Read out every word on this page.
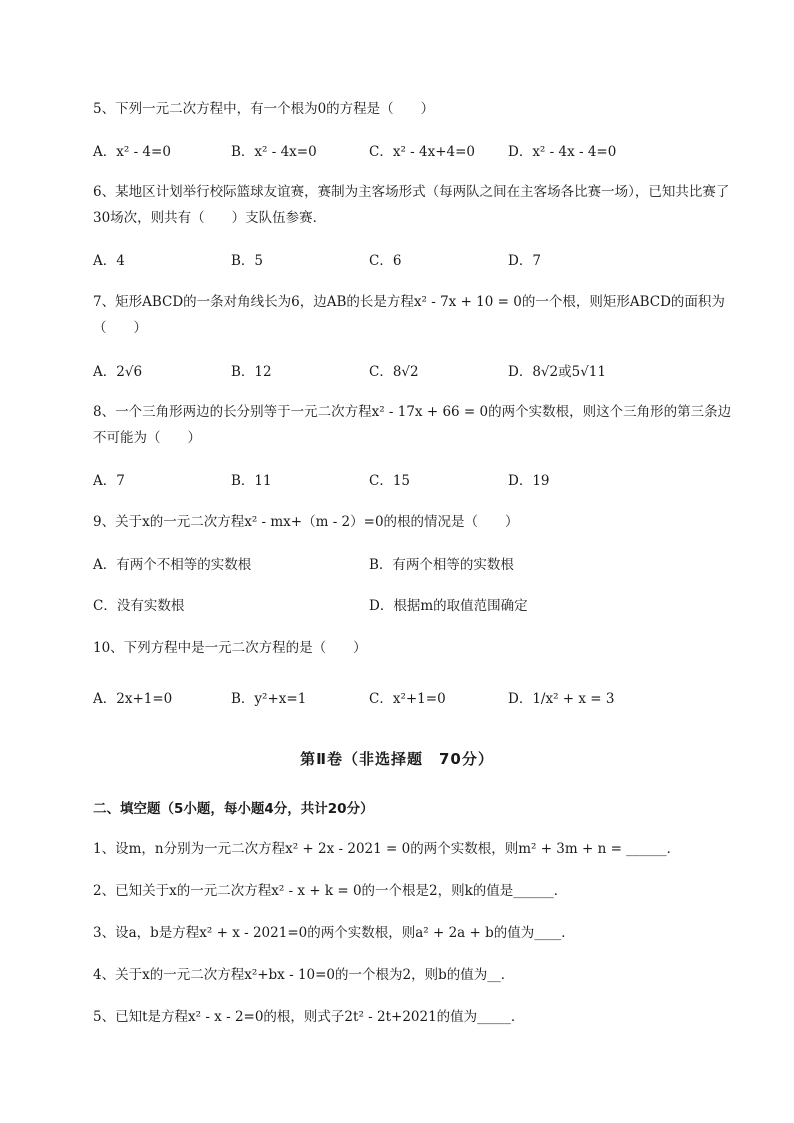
5、下列一元二次方程中，有一个根为0的方程是（　　）
A．x² - 4=0	B．x² - 4x=0	C．x² - 4x+4=0 D．x² - 4x - 4=0
6、某地区计划举行校际篮球友谊赛，赛制为主客场形式（每两队之间在主客场各比赛一场），已知共比赛了30场次，则共有（　　）支队伍参赛．
A．4	B．5	C．6	D．7
7、矩形ABCD的一条对角线长为6，边AB的长是方程x² - 7x + 10 = 0的一个根，则矩形ABCD的面积为（　　）
A．2√6	B．12	C．8√2	D．8√2或5√11
8、一个三角形两边的长分别等于一元二次方程x² - 17x + 66 = 0的两个实数根，则这个三角形的第三条边不可能为（　　）
A．7	B．11	C．15	D．19
9、关于x的一元二次方程x² - mx+（m - 2）=0的根的情况是（　　）
A．有两个不相等的实数根	B．有两个相等的实数根
C．没有实数根	D．根据m的取值范围确定
10、下列方程中是一元二次方程的是（　　）
A．2x+1=0	B．y²+x=1	C．x²+1=0	D．1/x² + x = 3
第Ⅱ卷（非选择题　70分）
二、填空题（5小题，每小题4分，共计20分）
1、设m，n分别为一元二次方程x² + 2x - 2021 = 0的两个实数根，则m² + 3m + n = ______．
2、已知关于x的一元二次方程x² - x + k = 0的一个根是2，则k的值是______．
3、设a，b是方程x² + x - 2021=0的两个实数根，则a² + 2a + b的值为____．
4、关于x的一元二次方程x²+bx - 10=0的一个根为2，则b的值为__．
5、已知t是方程x² - x - 2=0的根，则式子2t² - 2t+2021的值为_____．
